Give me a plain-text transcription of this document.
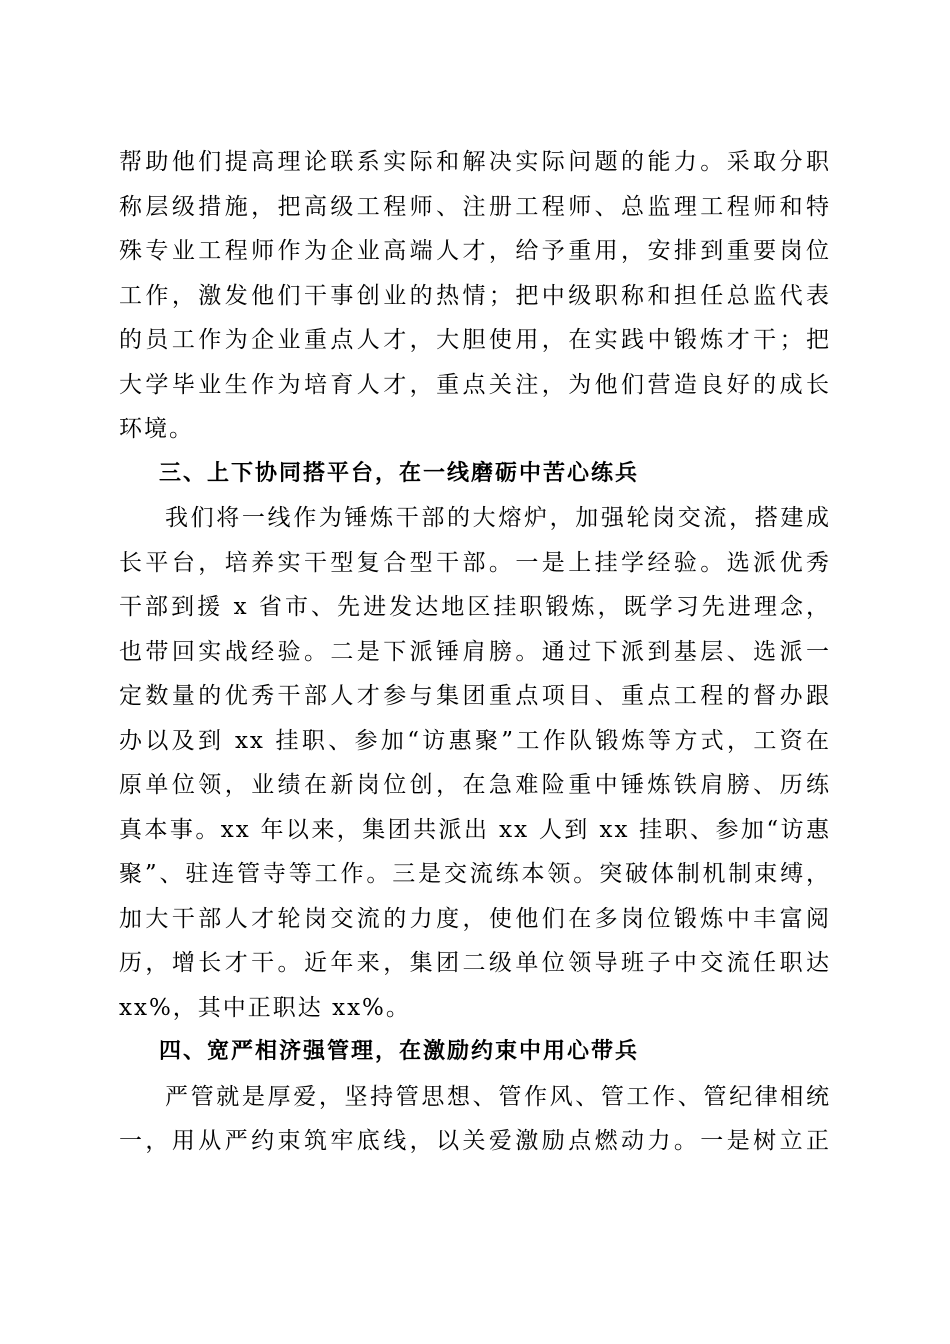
帮助他们提高理论联系实际和解决实际问题的能力。采取分职
称层级措施，把高级工程师、注册工程师、总监理工程师和特
殊专业工程师作为企业高端人才，给予重用，安排到重要岗位
工作，激发他们干事创业的热情；把中级职称和担任总监代表
的员工作为企业重点人才，大胆使用，在实践中锻炼才干；把
大学毕业生作为培育人才，重点关注，为他们营造良好的成长
环境。
三、上下协同搭平台，在一线磨砺中苦心练兵
我们将一线作为锤炼干部的大熔炉，加强轮岗交流，搭建成
长平台，培养实干型复合型干部。一是上挂学经验。选派优秀
干部到援 x 省市、先进发达地区挂职锻炼，既学习先进理念，
也带回实战经验。二是下派锤肩膀。通过下派到基层、选派一
定数量的优秀干部人才参与集团重点项目、重点工程的督办跟
办以及到 xx 挂职、参加“访惠聚”工作队锻炼等方式，工资在
原单位领，业绩在新岗位创，在急难险重中锤炼铁肩膀、历练
真本事。xx 年以来，集团共派出 xx 人到 xx 挂职、参加“访惠
聚”、驻连管寺等工作。三是交流练本领。突破体制机制束缚，
加大干部人才轮岗交流的力度，使他们在多岗位锻炼中丰富阅
历，增长才干。近年来，集团二级单位领导班子中交流任职达
xx%，其中正职达 xx%。
四、宽严相济强管理，在激励约束中用心带兵
严管就是厚爱，坚持管思想、管作风、管工作、管纪律相统
一，用从严约束筑牢底线，以关爱激励点燃动力。一是树立正
